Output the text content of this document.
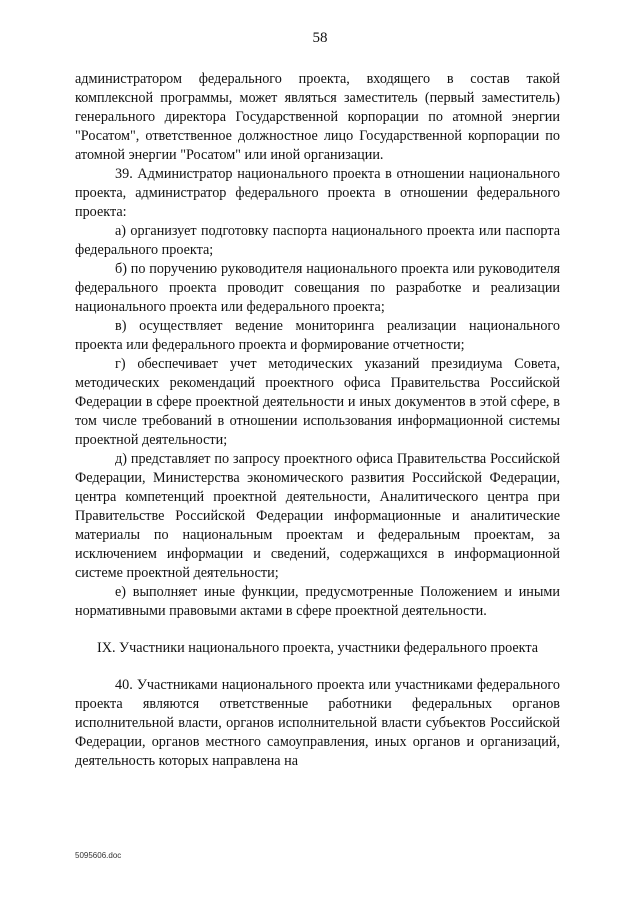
58

администратором федерального проекта, входящего в состав такой комплексной программы, может являться заместитель (первый заместитель) генерального директора Государственной корпорации по атомной энергии "Росатом", ответственное должностное лицо Государственной корпорации по атомной энергии "Росатом" или иной организации.

39. Администратор национального проекта в отношении национального проекта, администратор федерального проекта в отношении федерального проекта:

а) организует подготовку паспорта национального проекта или паспорта федерального проекта;

б) по поручению руководителя национального проекта или руководителя федерального проекта проводит совещания по разработке и реализации национального проекта или федерального проекта;

в) осуществляет ведение мониторинга реализации национального проекта или федерального проекта и формирование отчетности;

г) обеспечивает учет методических указаний президиума Совета, методических рекомендаций проектного офиса Правительства Российской Федерации в сфере проектной деятельности и иных документов в этой сфере, в том числе требований в отношении использования информационной системы проектной деятельности;

д) представляет по запросу проектного офиса Правительства Российской Федерации, Министерства экономического развития Российской Федерации, центра компетенций проектной деятельности, Аналитического центра при Правительстве Российской Федерации информационные и аналитические материалы по национальным проектам и федеральным проектам, за исключением информации и сведений, содержащихся в информационной системе проектной деятельности;

е) выполняет иные функции, предусмотренные Положением и иными нормативными правовыми актами в сфере проектной деятельности.

IX. Участники национального проекта, участники федерального проекта

40. Участниками национального проекта или участниками федерального проекта являются ответственные работники федеральных органов исполнительной власти, органов исполнительной власти субъектов Российской Федерации, органов местного самоуправления, иных органов и организаций, деятельность которых направлена на

5095606.doc
